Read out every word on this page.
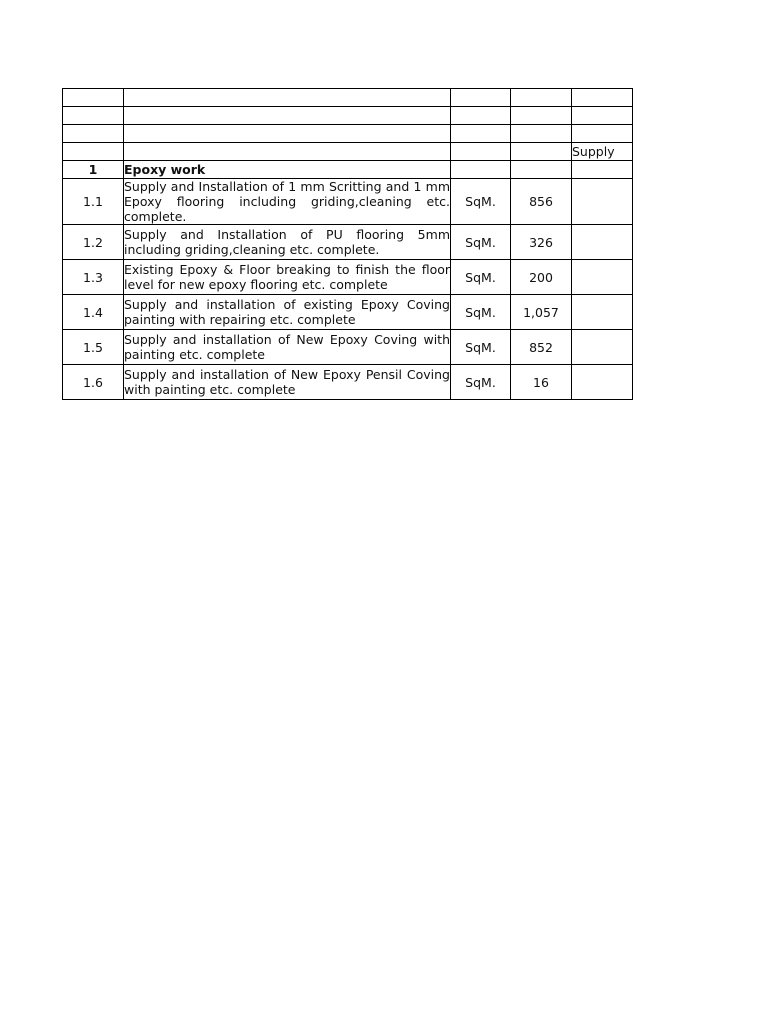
				Supply
1	Epoxy work			
1.1	Supply and Installation of 1 mm Scritting and 1 mm Epoxy flooring including griding,cleaning etc. complete.	SqM.	856	
1.2	Supply and Installation of PU flooring 5mm including griding,cleaning etc. complete.	SqM.	326	
1.3	Existing Epoxy & Floor breaking to finish the floor level for new epoxy flooring etc. complete	SqM.	200	
1.4	Supply and installation of existing Epoxy Coving painting with repairing etc. complete	SqM.	1,057	
1.5	Supply and installation of New Epoxy Coving with painting etc. complete	SqM.	852	
1.6	Supply and installation of New Epoxy Pensil Coving with painting etc. complete	SqM.	16	
